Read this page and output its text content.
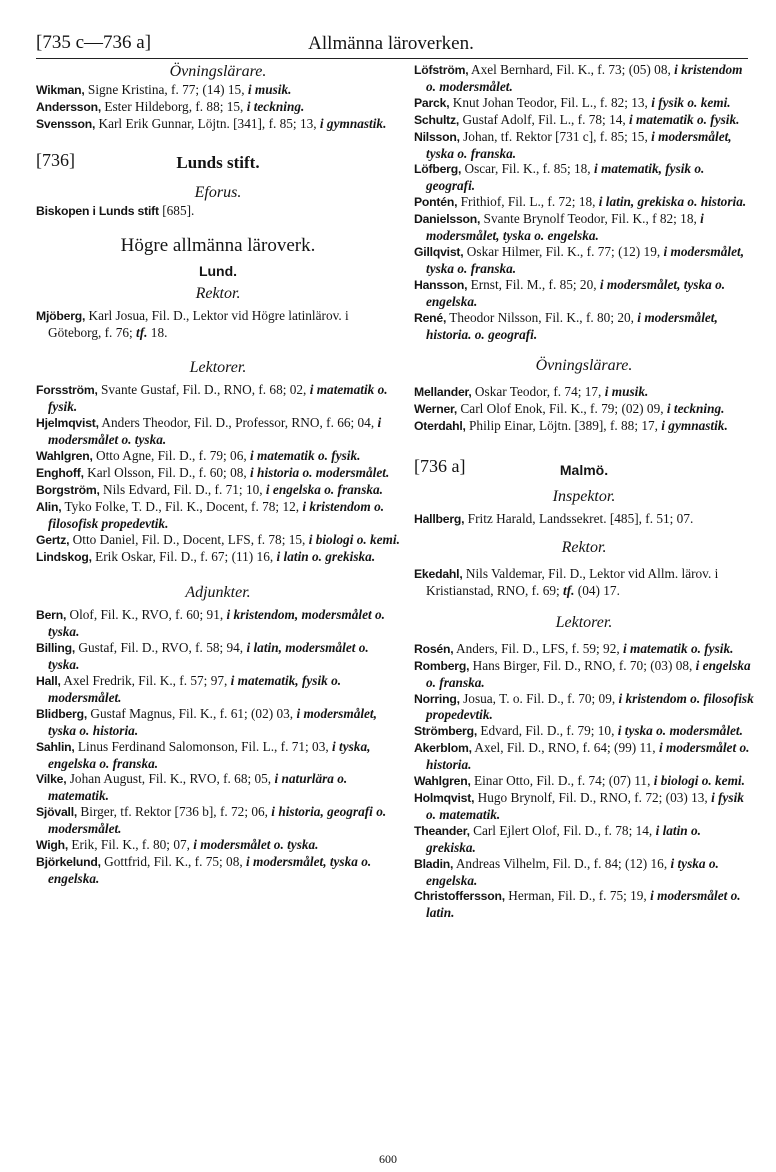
[735 c—736 a]	Allmänna läroverken.

Övningslärare.

Wikman, Signe Kristina, f. 77; (14) 15, i musik.

Andersson, Ester Hildeborg, f. 88; 15, i teckning.

Svensson, Karl Erik Gunnar, Löjtn. [341], f. 85; 13, i gymnastik.

[736]	Lunds stift.

Eforus.

Biskopen i Lunds stift [685].

Högre allmänna läroverk.

Lund.

Rektor.

Mjöberg, Karl Josua, Fil. D., Lektor vid Högre latinlärov. i Göteborg, f. 76; tf. 18.

Lektorer.

Forsström, Svante Gustaf, Fil. D., RNO, f. 68; 02, i matematik o. fysik.

Hjelmqvist, Anders Theodor, Fil. D., Professor, RNO, f. 66; 04, i modersmålet o. tyska.

Wahlgren, Otto Agne, Fil. D., f. 79; 06, i matematik o. fysik.

Enghoff, Karl Olsson, Fil. D., f. 60; 08, i historia o. modersmålet.

Borgström, Nils Edvard, Fil. D., f. 71; 10, i engelska o. franska.

Alin, Tyko Folke, T. D., Fil. K., Docent, f. 78; 12, i kristendom o. filosofisk propedevtik.

Gertz, Otto Daniel, Fil. D., Docent, LFS, f. 78; 15, i biologi o. kemi.

Lindskog, Erik Oskar, Fil. D., f. 67; (11) 16, i latin o. grekiska.

Adjunkter.

Bern, Olof, Fil. K., RVO, f. 60; 91, i kristendom, modersmålet o. tyska.

Billing, Gustaf, Fil. D., RVO, f. 58; 94, i latin, modersmålet o. tyska.

Hall, Axel Fredrik, Fil. K., f. 57; 97, i matematik, fysik o. modersmålet.

Blidberg, Gustaf Magnus, Fil. K., f. 61; (02) 03, i modersmålet, tyska o. historia.

Sahlin, Linus Ferdinand Salomonson, Fil. L., f. 71; 03, i tyska, engelska o. franska.

Vilke, Johan August, Fil. K., RVO, f. 68; 05, i naturlära o. matematik.

Sjövall, Birger, tf. Rektor [736 b], f. 72; 06, i historia, geografi o. modersmålet.

Wigh, Erik, Fil. K., f. 80; 07, i modersmålet o. tyska.

Björkelund, Gottfrid, Fil. K., f. 75; 08, i modersmålet, tyska o. engelska.

Löfström, Axel Bernhard, Fil. K., f. 73; (05) 08, i kristendom o. modersmålet.

Parck, Knut Johan Teodor, Fil. L., f. 82; 13, i fysik o. kemi.

Schultz, Gustaf Adolf, Fil. L., f. 78; 14, i matematik o. fysik.

Nilsson, Johan, tf. Rektor [731 c], f. 85; 15, i modersmålet, tyska o. franska.

Löfberg, Oscar, Fil. K., f. 85; 18, i matematik, fysik o. geografi.

Pontén, Frithiof, Fil. L., f. 72; 18, i latin, grekiska o. historia.

Danielsson, Svante Brynolf Teodor, Fil. K., f 82; 18, i modersmålet, tyska o. engelska.

Gillqvist, Oskar Hilmer, Fil. K., f. 77; (12) 19, i modersmålet, tyska o. franska.

Hansson, Ernst, Fil. M., f. 85; 20, i modersmålet, tyska o. engelska.

René, Theodor Nilsson, Fil. K., f. 80; 20, i modersmålet, historia. o. geografi.

Övningslärare.

Mellander, Oskar Teodor, f. 74; 17, i musik.

Werner, Carl Olof Enok, Fil. K., f. 79; (02) 09, i teckning.

Oterdahl, Philip Einar, Löjtn. [389], f. 88; 17, i gymnastik.

[736 a]	Malmö.

Inspektor.

Hallberg, Fritz Harald, Landssekret. [485], f. 51; 07.

Rektor.

Ekedahl, Nils Valdemar, Fil. D., Lektor vid Allm. lärov. i Kristianstad, RNO, f. 69; tf. (04) 17.

Lektorer.

Rosén, Anders, Fil. D., LFS, f. 59; 92, i matematik o. fysik.

Romberg, Hans Birger, Fil. D., RNO, f. 70; (03) 08, i engelska o. franska.

Norring, Josua, T. o. Fil. D., f. 70; 09, i kristendom o. filosofisk propedevtik.

Strömberg, Edvard, Fil. D., f. 79; 10, i tyska o. modersmålet.

Akerblom, Axel, Fil. D., RNO, f. 64; (99) 11, i modersmålet o. historia.

Wahlgren, Einar Otto, Fil. D., f. 74; (07) 11, i biologi o. kemi.

Holmqvist, Hugo Brynolf, Fil. D., RNO, f. 72; (03) 13, i fysik o. matematik.

Theander, Carl Ejlert Olof, Fil. D., f. 78; 14, i latin o. grekiska.

Bladin, Andreas Vilhelm, Fil. D., f. 84; (12) 16, i tyska o. engelska.

Christoffersson, Herman, Fil. D., f. 75; 19, i modersmålet o. latin.

600
